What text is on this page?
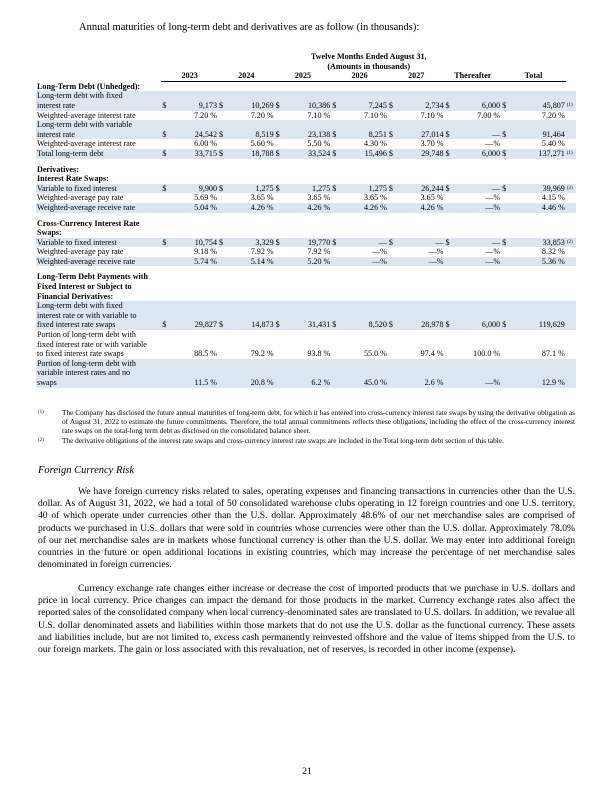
Annual maturities of long-term debt and derivatives are as follow (in thousands):
	Twelve Months Ended August 31,														
	(Amounts in thousands)														
	2023		2024		2025		2026		2027		Thereafter		Total		
Long-Term Debt (Unhedged):															
Long-term debt with fixed															
interest rate	$	9,173	$	10,269	$	10,386	$	7,245	$	2,734	$	6,000	$	45,807	(1)
Weighted-average interest rate		7.20 %		7.20 %		7.10 %		7.10 %		7.10 %		7.00 %		7.20 %	
Long-term debt with variable															
interest rate	$	24,542	$	8,519	$	23,138	$	8,251	$	27,014	$	—	$	91,464	
Weighted-average interest rate		6.00 %		5.60 %		5.50 %		4.30 %		3.70 %		—%		5.40 %	
Total long-term debt	$	33,715	$	18,788	$	33,524	$	15,496	$	29,748	$	6,000	$	137,271	(1)

Derivatives:															
Interest Rate Swaps:															
Variable to fixed interest	$	9,900	$	1,275	$	1,275	$	1,275	$	26,244	$	—	$	39,969	(2)
Weighted-average pay rate		5.69 %		3.65 %		3.65 %		3.65 %		3.65 %		—%		4.15 %	
Weighted-average receive rate		5.04 %		4.26 %		4.26 %		4.26 %		4.26 %		—%		4.46 %	

Cross-Currency Interest Rate															
Swaps:															
Variable to fixed interest	$	10,754	$	3,329	$	19,770	$	—	$	—	$	—	$	33,853	(2)
Weighted-average pay rate		9.18 %		7.92 %		7.92 %		—%		—%		—%		8.32 %	
Weighted-average receive rate		5.74 %		5.14 %		5.20 %		—%		—%		—%		5.36 %	

Long-Term Debt Payments with															
Fixed Interest or Subject to															
Financial Derivatives:															
Long-term debt with fixed															
interest rate or with variable to															
fixed interest rate swaps	$	29,827	$	14,873	$	31,431	$	8,520	$	28,978	$	6,000	$	119,629	
Portion of long-term debt with															
fixed interest rate or with variable															
to fixed interest rate swaps		88.5 %		79.2 %		93.8 %		55.0 %		97.4 %		100.0 %		87.1 %	
Portion of long-term debt with															
variable interest rates and no															
swaps		11.5 %		20.8 %		6.2 %		45.0 %		2.6 %		—%		12.9 %	
(1)	The Company has disclosed the future annual maturities of long-term debt, for which it has entered into cross-currency interest rate swaps by using the derivative obligation as of August 31, 2022 to estimate the future commitments. Therefore, the total annual commitments reflects these obligations, including the effect of the cross-currency interest rate swaps on the total-long term debt as disclosed on the consolidated balance sheet.
(2)	The derivative obligations of the interest rate swaps and cross-currency interest rate swaps are included in the Total long-term debt section of this table.
Foreign Currency Risk

We have foreign currency risks related to sales, operating expenses and financing transactions in currencies other than the U.S. dollar. As of August 31, 2022, we had a total of 50 consolidated warehouse clubs operating in 12 foreign countries and one U.S. territory, 40 of which operate under currencies other than the U.S. dollar. Approximately 48.6% of our net merchandise sales are comprised of products we purchased in U.S. dollars that were sold in countries whose currencies were other than the U.S. dollar. Approximately 78.0% of our net merchandise sales are in markets whose functional currency is other than the U.S. dollar. We may enter into additional foreign countries in the future or open additional locations in existing countries, which may increase the percentage of net merchandise sales denominated in foreign currencies.

Currency exchange rate changes either increase or decrease the cost of imported products that we purchase in U.S. dollars and price in local currency. Price changes can impact the demand for those products in the market. Currency exchange rates also affect the reported sales of the consolidated company when local currency-denominated sales are translated to U.S. dollars. In addition, we revalue all U.S. dollar denominated assets and liabilities within those markets that do not use the U.S. dollar as the functional currency. These assets and liabilities include, but are not limited to, excess cash permanently reinvested offshore and the value of items shipped from the U.S. to our foreign markets. The gain or loss associated with this revaluation, net of reserves, is recorded in other income (expense).

21
